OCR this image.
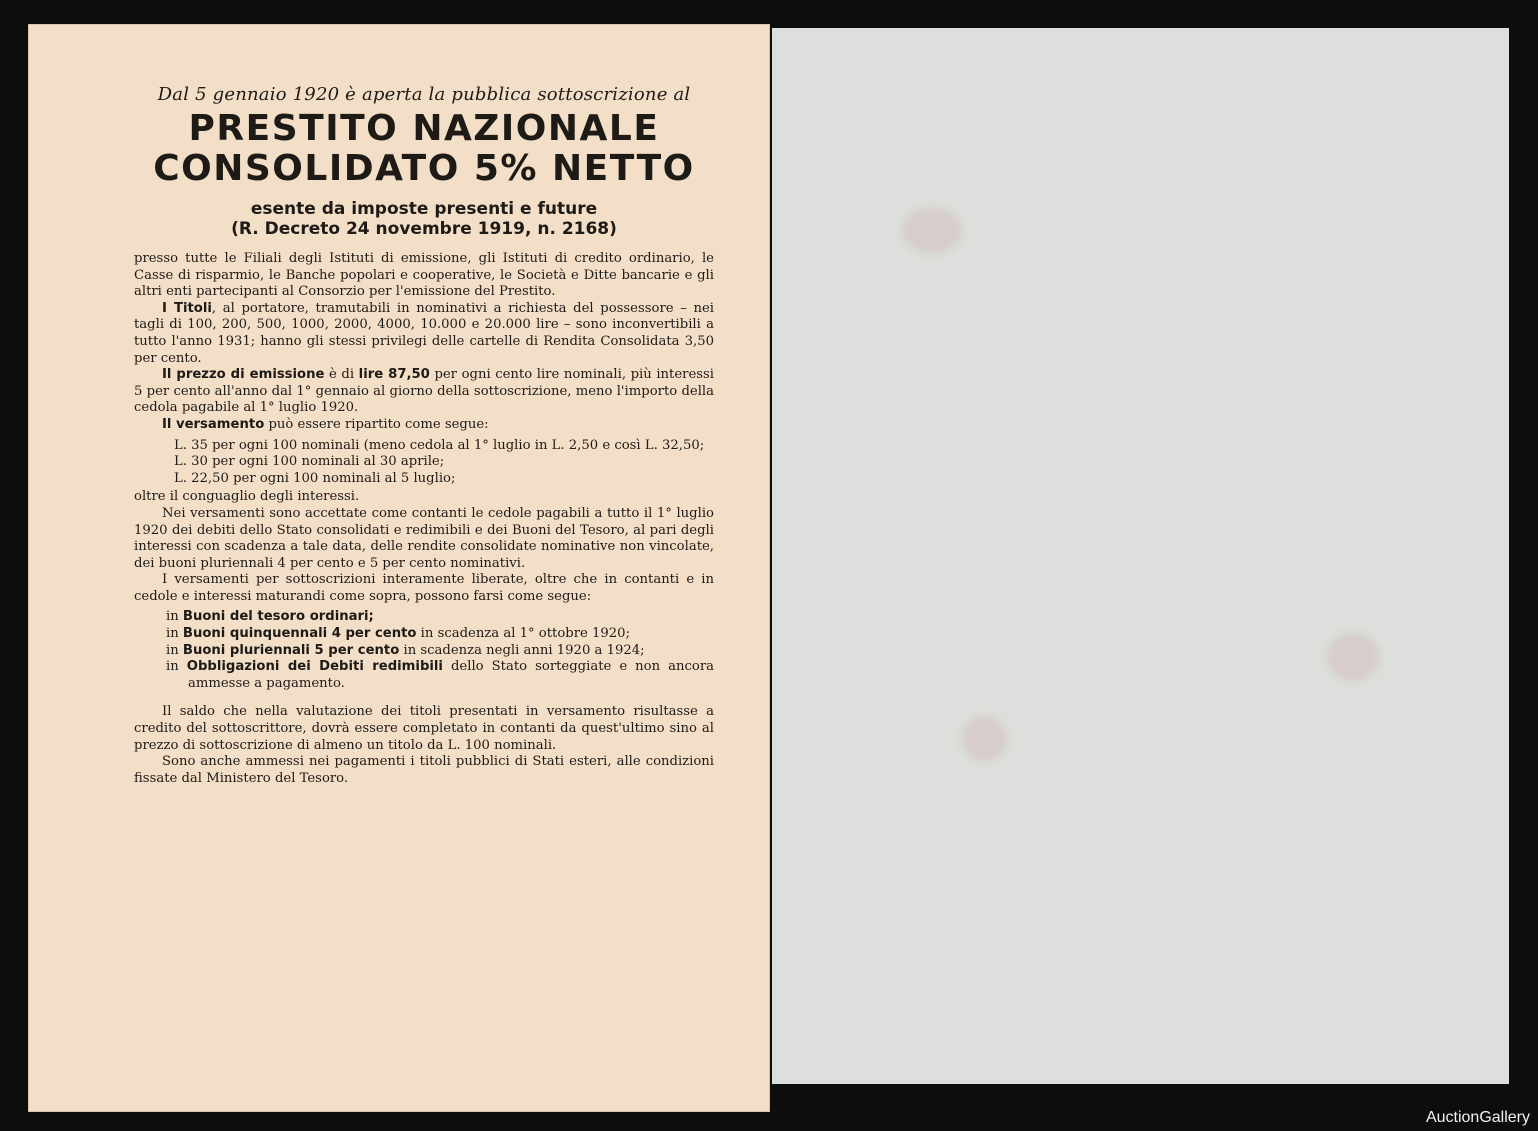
Dal 5 gennaio 1920 è aperta la pubblica sottoscrizione al

PRESTITO NAZIONALE

CONSOLIDATO 5% NETTO

esente da imposte presenti e future

(R. Decreto 24 novembre 1919, n. 2168)

presso tutte le Filiali degli Istituti di emissione, gli Istituti di credito ordinario, le Casse di risparmio, le Banche popolari e cooperative, le Società e Ditte bancarie e gli altri enti partecipanti al Consorzio per l'emissione del Prestito.

I Titoli, al portatore, tramutabili in nominativi a richiesta del possessore – nei tagli di 100, 200, 500, 1000, 2000, 4000, 10.000 e 20.000 lire – sono inconvertibili a tutto l'anno 1931; hanno gli stessi privilegi delle cartelle di Rendita Consolidata 3,50 per cento.

Il prezzo di emissione è di lire 87,50 per ogni cento lire nominali, più interessi 5 per cento all'anno dal 1° gennaio al giorno della sottoscrizione, meno l'importo della cedola pagabile al 1° luglio 1920.

Il versamento può essere ripartito come segue:

L. 35 per ogni 100 nominali (meno cedola al 1° luglio in L. 2,50 e così L. 32,50;
L. 30 per ogni 100 nominali al 30 aprile;
L. 22,50 per ogni 100 nominali al 5 luglio;

oltre il conguaglio degli interessi.

Nei versamenti sono accettate come contanti le cedole pagabili a tutto il 1° luglio 1920 dei debiti dello Stato consolidati e redimibili e dei Buoni del Tesoro, al pari degli interessi con scadenza a tale data, delle rendite consolidate nominative non vincolate, dei buoni pluriennali 4 per cento e 5 per cento nominativi.

I versamenti per sottoscrizioni interamente liberate, oltre che in contanti e in cedole e interessi maturandi come sopra, possono farsi come segue:

in Buoni del tesoro ordinari;
in Buoni quinquennali 4 per cento in scadenza al 1° ottobre 1920;
in Buoni pluriennali 5 per cento in scadenza negli anni 1920 a 1924;
in Obbligazioni dei Debiti redimibili dello Stato sorteggiate e non ancora ammesse a pagamento.

Il saldo che nella valutazione dei titoli presentati in versamento risultasse a credito del sottoscrittore, dovrà essere completato in contanti da quest'ultimo sino al prezzo di sottoscrizione di almeno un titolo da L. 100 nominali.

Sono anche ammessi nei pagamenti i titoli pubblici di Stati esteri, alle condizioni fissate dal Ministero del Tesoro.

AuctionGallery
